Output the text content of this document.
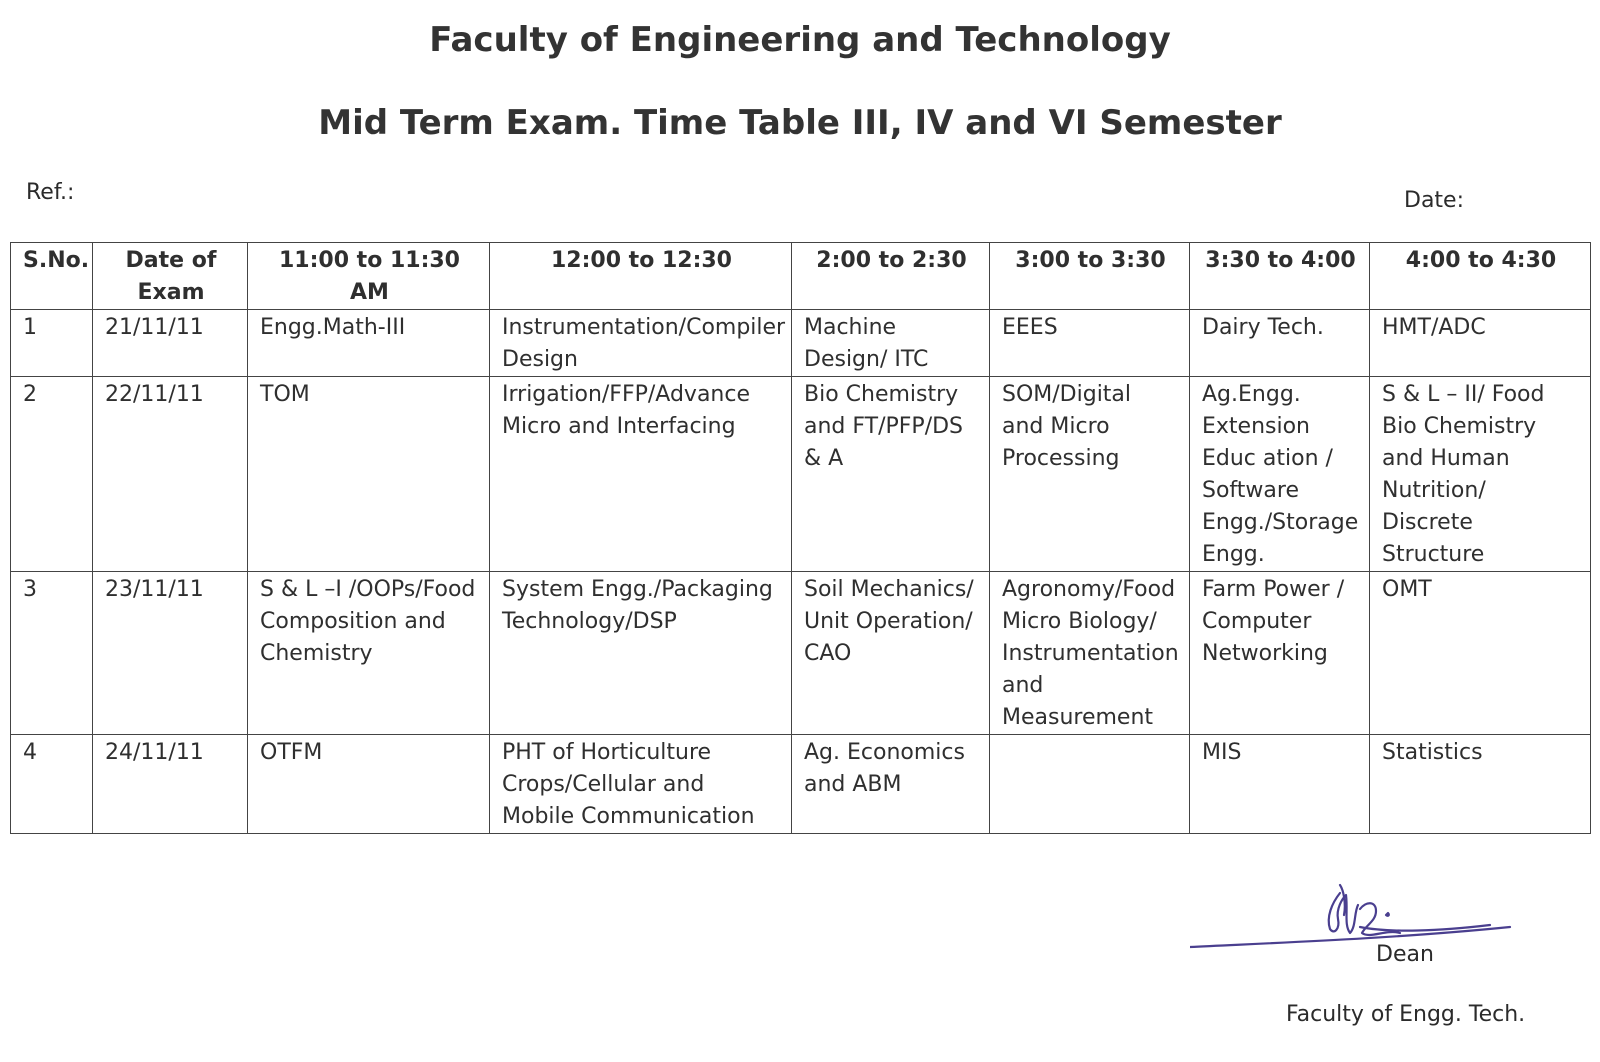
Faculty of Engineering and Technology
Mid Term Exam. Time Table III, IV and VI Semester
Ref.:	Date:
S.No.	Date of Exam	11:00 to 11:30 AM	12:00 to 12:30	2:00 to 2:30	3:00 to 3:30	3:30 to 4:00	4:00 to 4:30
1	21/11/11	Engg.Math-III	Instrumentation/Compiler Design	Machine Design/ ITC	EEES	Dairy Tech.	HMT/ADC
2	22/11/11	TOM	Irrigation/FFP/Advance Micro and Interfacing	Bio Chemistry and FT/PFP/DS & A	SOM/Digital and Micro Processing	Ag.Engg. Extension Educ ation / Software Engg./Storage Engg.	S & L – II/ Food Bio Chemistry and Human Nutrition/ Discrete Structure
3	23/11/11	S & L –I /OOPs/Food Composition and Chemistry	System Engg./Packaging Technology/DSP	Soil Mechanics/ Unit Operation/ CAO	Agronomy/Food Micro Biology/ Instrumentation and Measurement	Farm Power / Computer Networking	OMT
4	24/11/11	OTFM	PHT of Horticulture Crops/Cellular and Mobile Communication	Ag. Economics and ABM		MIS	Statistics
Dean
Faculty of Engg. Tech.
